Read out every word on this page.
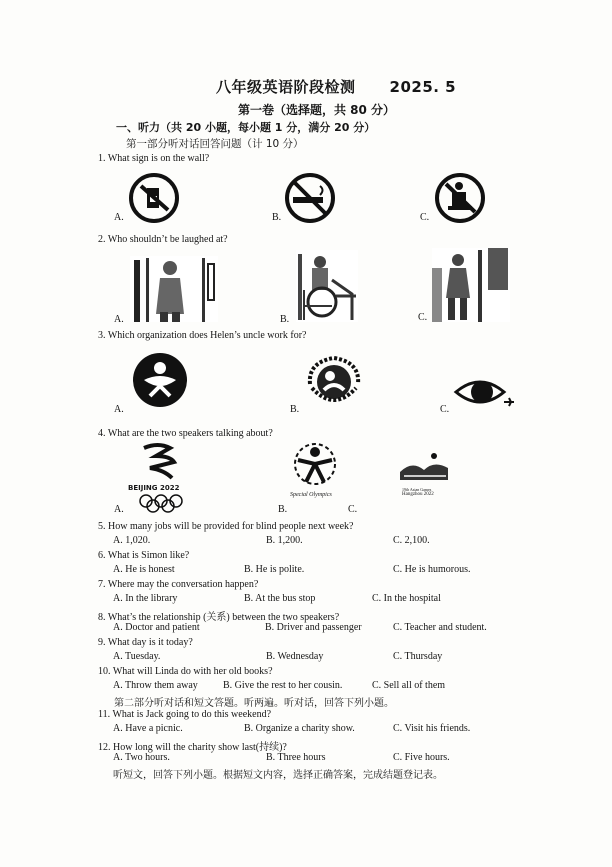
八年级英语阶段检测 2025. 5
第一卷（选择题，共 80 分）
一、听力（共 20 小题，每小题 1 分，满分 20 分）
第一部分听对话回答问题（计 10 分）
1. What sign is on the wall?
A.	B.	C.
2. Who shouldn’t be laughed at?
A.	B.	C.
3. Which organization does Helen’s uncle work for?
A.	B.	C.
4. What are the two speakers talking about?
BEIJING 2022
A.
Special Olympics
C.
B.
19th Asian Games
Hangzhou 2022
5. How many jobs will be provided for blind people next week?
A. 1,020.	B. 1,200.	C. 2,100.
6. What is Simon like?
A. He is honest	B. He is polite.	C. He is humorous.
7. Where may the conversation happen?
A. In the library	B. At the bus stop	C. In the hospital
8. What’s the relationship (关系) between the two speakers?
A. Doctor and patient	B. Driver and passenger	C. Teacher and student.
9. What day is it today?
A. Tuesday.	B. Wednesday	C. Thursday
10. What will Linda do with her old books?
A. Throw them away	B. Give the rest to her cousin.	C. Sell all of them
第二部分听对话和短文答题。听两遍。听对话，回答下列小题。
11. What is Jack going to do this weekend?
A. Have a picnic.	B. Organize a charity show.	C. Visit his friends.
12. How long will the charity show last(持续)?
A. Two hours.	B. Three hours	C. Five hours.
听短文，回答下列小题。根据短文内容，选择正确答案，完成结题登记表。
